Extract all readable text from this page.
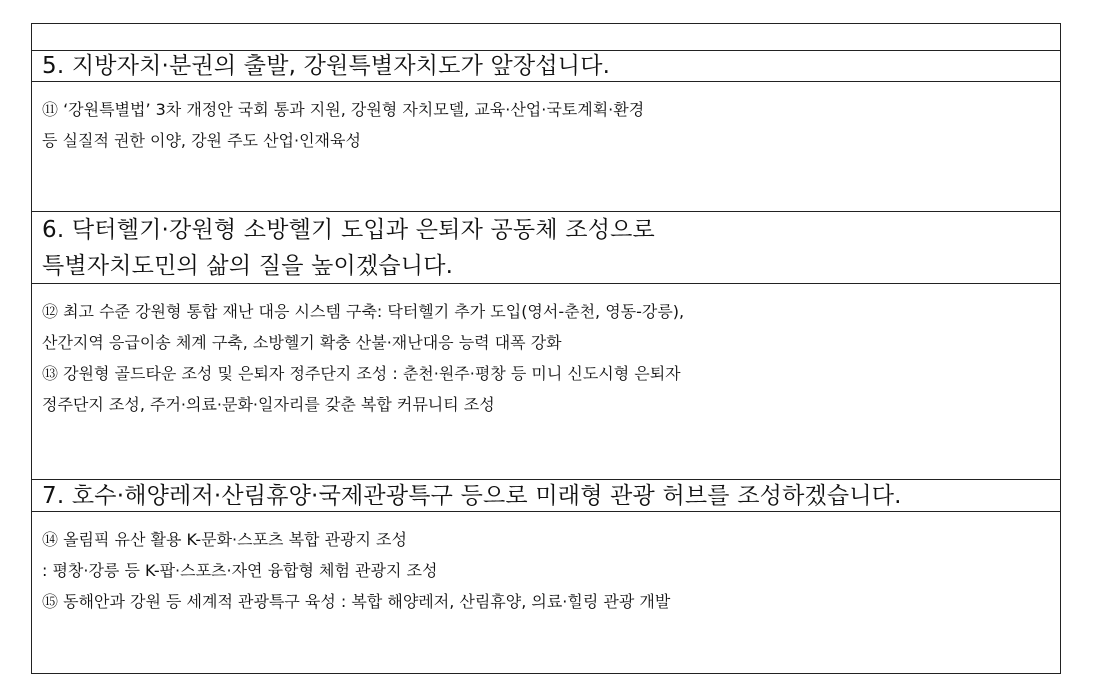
5. 지방자치·분권의 출발, 강원특별자치도가 앞장섭니다.
⑪ ‘강원특별법’ 3차 개정안 국회 통과 지원, 강원형 자치모델, 교육·산업·국토계획·환경
등 실질적 권한 이양, 강원 주도 산업·인재육성
6. 닥터헬기·강원형 소방헬기 도입과 은퇴자 공동체 조성으로
특별자치도민의 삶의 질을 높이겠습니다.
⑫ 최고 수준 강원형 통합 재난 대응 시스템 구축: 닥터헬기 추가 도입(영서-춘천, 영동-강릉),
산간지역 응급이송 체계 구축, 소방헬기 확충 산불·재난대응 능력 대폭 강화
⑬ 강원형 골드타운 조성 및 은퇴자 정주단지 조성 : 춘천·원주·평창 등 미니 신도시형 은퇴자
정주단지 조성, 주거·의료·문화·일자리를 갖춘 복합 커뮤니티 조성
7. 호수·해양레저·산림휴양·국제관광특구 등으로 미래형 관광 허브를 조성하겠습니다.
⑭ 올림픽 유산 활용 K-문화·스포츠 복합 관광지 조성
: 평창·강릉 등 K-팝·스포츠·자연 융합형 체험 관광지 조성
⑮ 동해안과 강원 등 세계적 관광특구 육성 : 복합 해양레저, 산림휴양, 의료·힐링 관광 개발
